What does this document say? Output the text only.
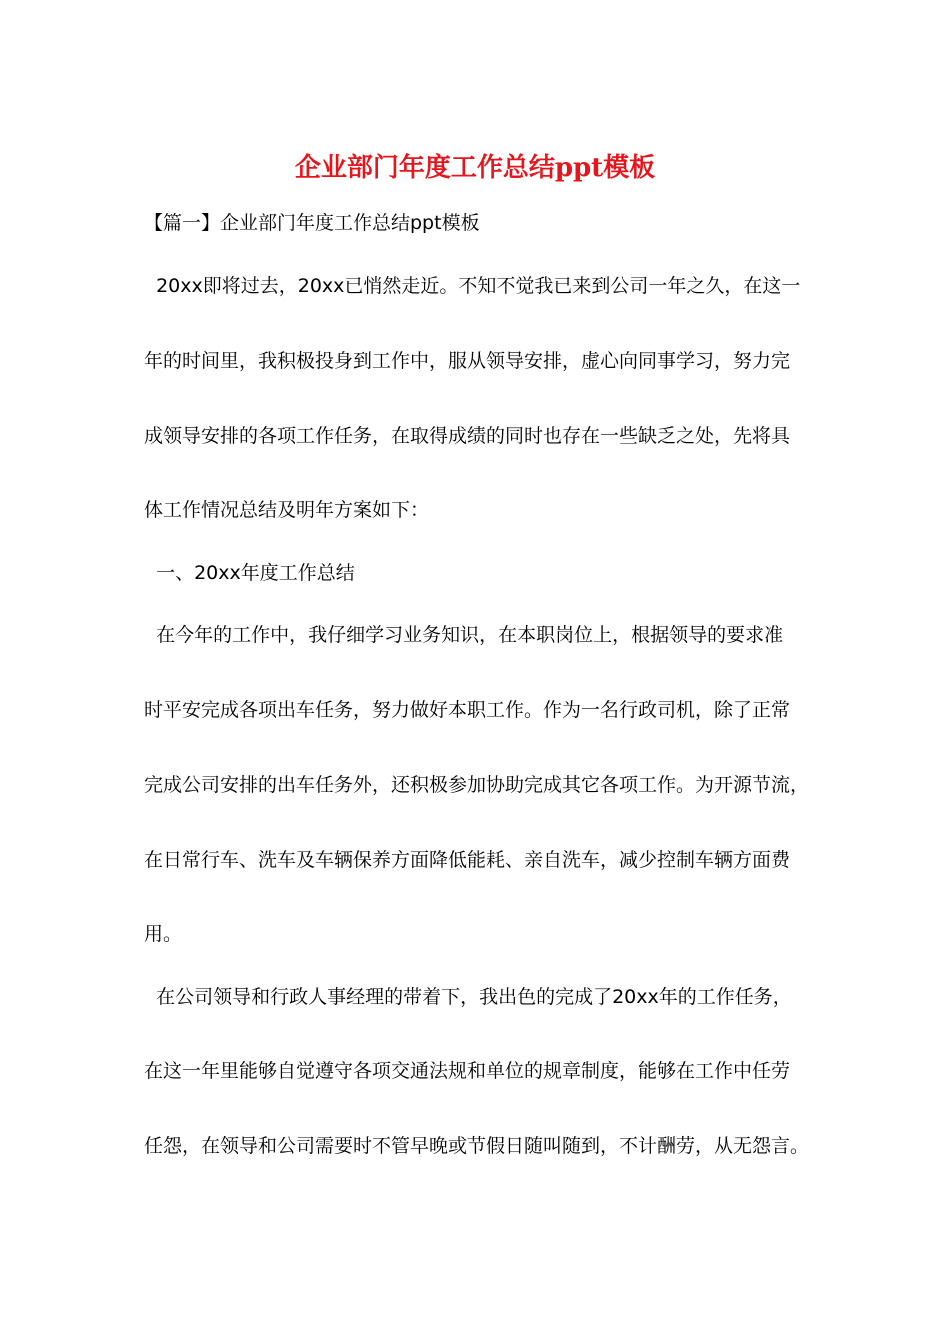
企业部门年度工作总结ppt模板
【篇一】企业部门年度工作总结ppt模板
20xx即将过去，20xx已悄然走近。不知不觉我已来到公司一年之久，在这一
年的时间里，我积极投身到工作中，服从领导安排，虚心向同事学习，努力完
成领导安排的各项工作任务，在取得成绩的同时也存在一些缺乏之处，先将具
体工作情况总结及明年方案如下：
一、20xx年度工作总结
在今年的工作中，我仔细学习业务知识，在本职岗位上，根据领导的要求准
时平安完成各项出车任务，努力做好本职工作。作为一名行政司机，除了正常
完成公司安排的出车任务外，还积极参加协助完成其它各项工作。为开源节流，
在日常行车、洗车及车辆保养方面降低能耗、亲自洗车，减少控制车辆方面费
用。
在公司领导和行政人事经理的带着下，我出色的完成了20xx年的工作任务，
在这一年里能够自觉遵守各项交通法规和单位的规章制度，能够在工作中任劳
任怨，在领导和公司需要时不管早晚或节假日随叫随到，不计酬劳，从无怨言。
